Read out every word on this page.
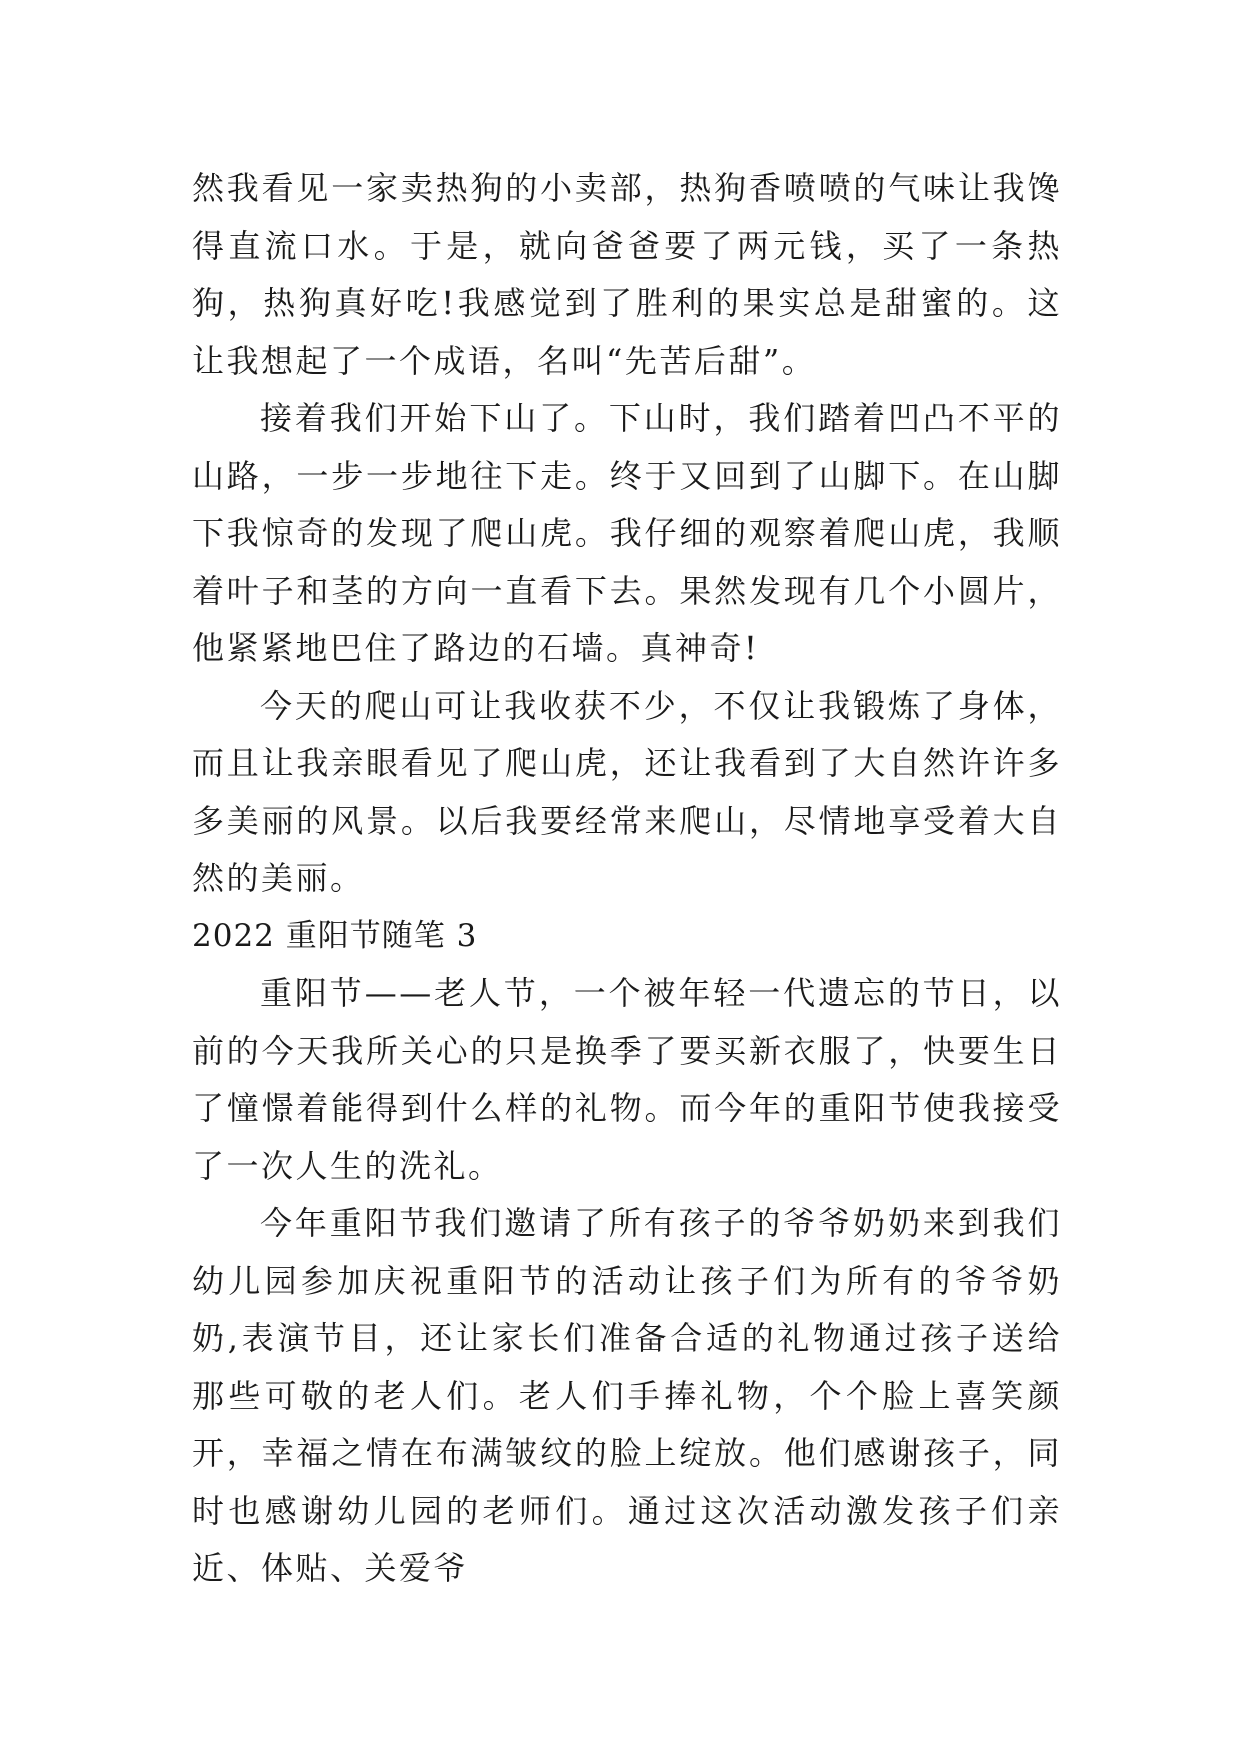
然我看见一家卖热狗的小卖部，热狗香喷喷的气味让我馋得直流口水。于是，就向爸爸要了两元钱，买了一条热狗，热狗真好吃!我感觉到了胜利的果实总是甜蜜的。这让我想起了一个成语，名叫“先苦后甜”。

接着我们开始下山了。下山时，我们踏着凹凸不平的山路，一步一步地往下走。终于又回到了山脚下。在山脚下我惊奇的发现了爬山虎。我仔细的观察着爬山虎，我顺着叶子和茎的方向一直看下去。果然发现有几个小圆片，他紧紧地巴住了路边的石墙。真神奇!

今天的爬山可让我收获不少，不仅让我锻炼了身体，而且让我亲眼看见了爬山虎，还让我看到了大自然许许多多美丽的风景。以后我要经常来爬山，尽情地享受着大自然的美丽。

2022 重阳节随笔 3

重阳节——老人节，一个被年轻一代遗忘的节日，以前的今天我所关心的只是换季了要买新衣服了，快要生日了憧憬着能得到什么样的礼物。而今年的重阳节使我接受了一次人生的洗礼。

今年重阳节我们邀请了所有孩子的爷爷奶奶来到我们幼儿园参加庆祝重阳节的活动让孩子们为所有的爷爷奶奶,表演节目，还让家长们准备合适的礼物通过孩子送给那些可敬的老人们。老人们手捧礼物，个个脸上喜笑颜开，幸福之情在布满皱纹的脸上绽放。他们感谢孩子，同时也感谢幼儿园的老师们。通过这次活动激发孩子们亲近、体贴、关爱爷
